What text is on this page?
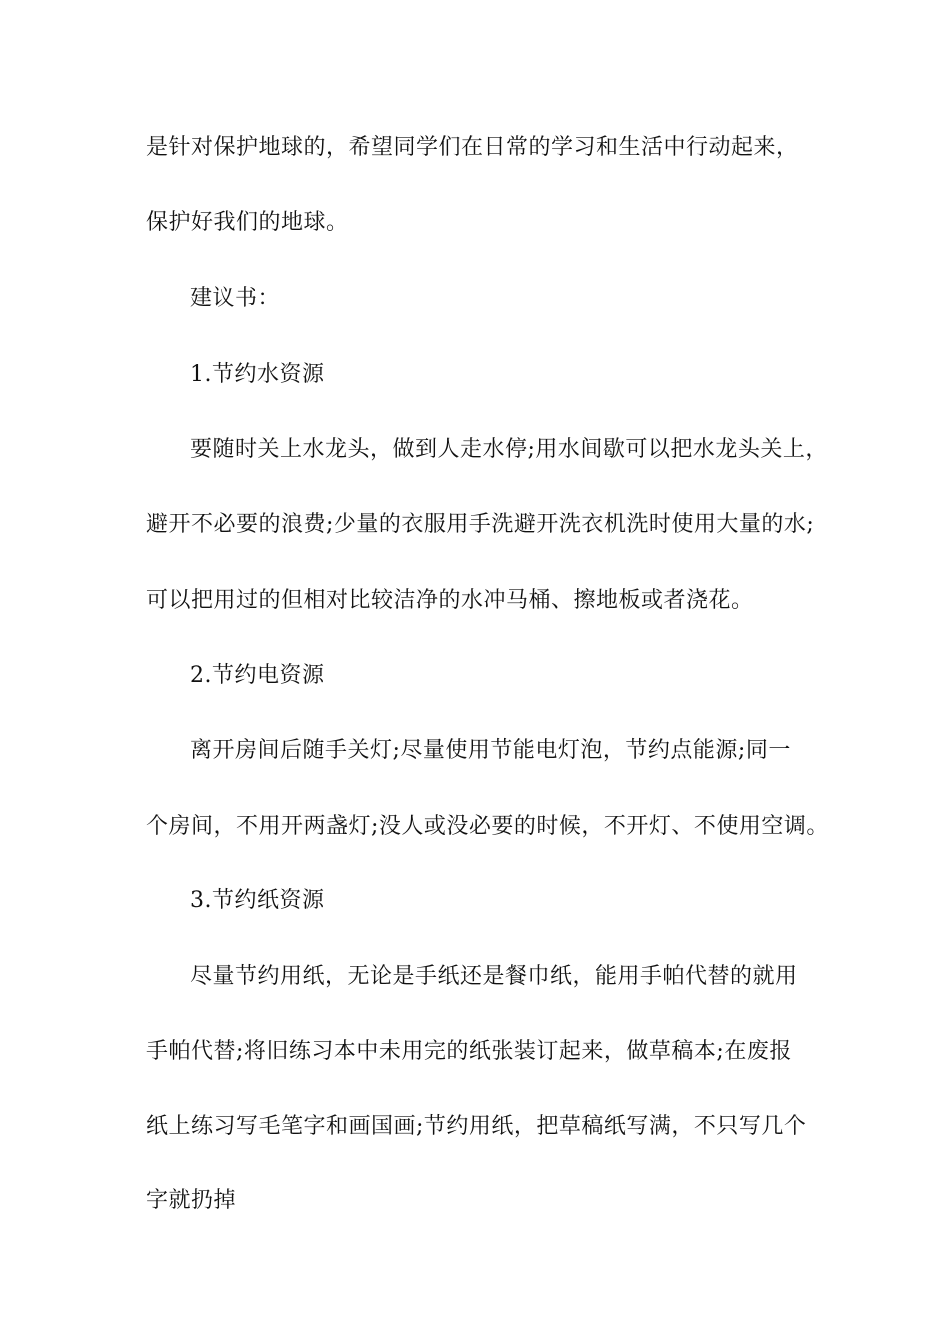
是针对保护地球的，希望同学们在日常的学习和生活中行动起来，
保护好我们的地球。
建议书：
1.节约水资源
要随时关上水龙头，做到人走水停;用水间歇可以把水龙头关上，
避开不必要的浪费;少量的衣服用手洗避开洗衣机洗时使用大量的水;
可以把用过的但相对比较洁净的水冲马桶、擦地板或者浇花。
2.节约电资源
离开房间后随手关灯;尽量使用节能电灯泡，节约点能源;同一
个房间，不用开两盏灯;没人或没必要的时候，不开灯、不使用空调。
3.节约纸资源
尽量节约用纸，无论是手纸还是餐巾纸，能用手帕代替的就用
手帕代替;将旧练习本中未用完的纸张装订起来，做草稿本;在废报
纸上练习写毛笔字和画国画;节约用纸，把草稿纸写满，不只写几个
字就扔掉
